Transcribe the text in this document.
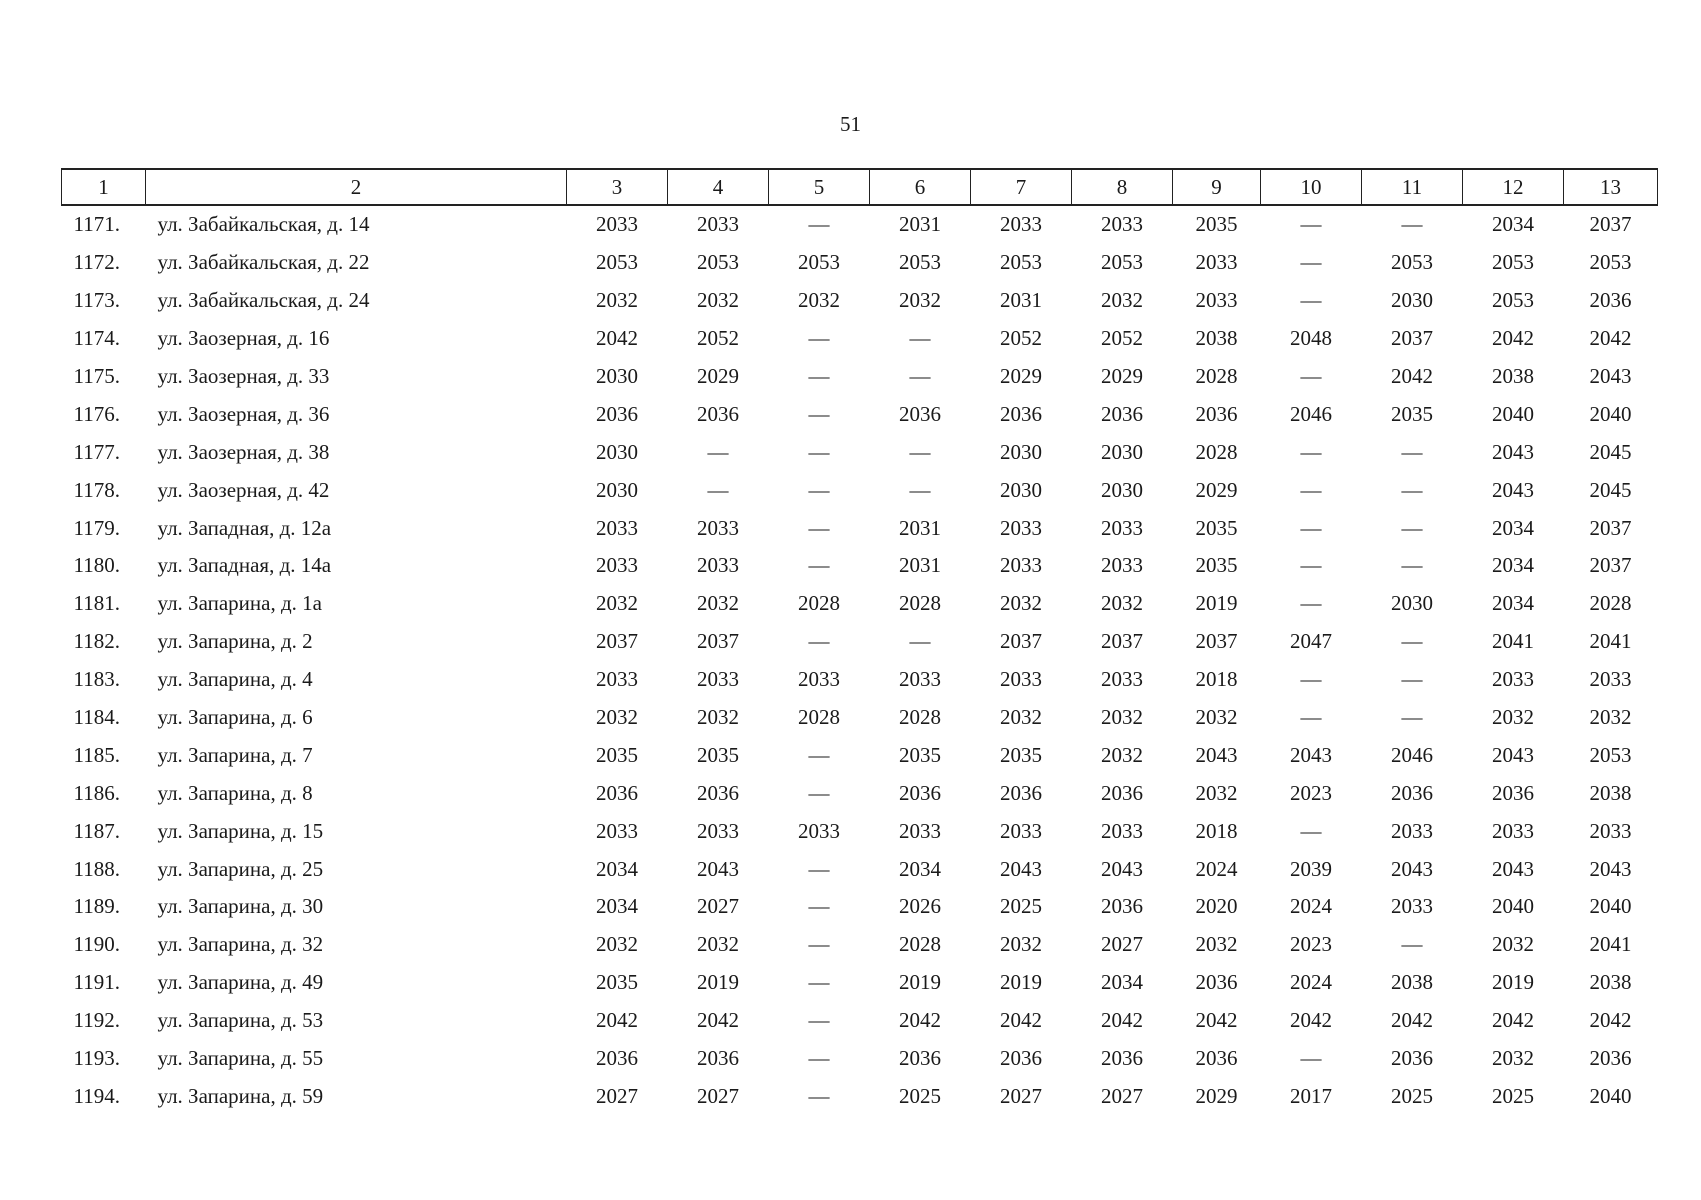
51
1	2	3	4	5	6	7	8	9	10	11	12	13
1171.	ул. Забайкальская, д. 14	2033	2033	—	2031	2033	2033	2035	—	—	2034	2037
1172.	ул. Забайкальская, д. 22	2053	2053	2053	2053	2053	2053	2033	—	2053	2053	2053
1173.	ул. Забайкальская, д. 24	2032	2032	2032	2032	2031	2032	2033	—	2030	2053	2036
1174.	ул. Заозерная, д. 16	2042	2052	—	—	2052	2052	2038	2048	2037	2042	2042
1175.	ул. Заозерная, д. 33	2030	2029	—	—	2029	2029	2028	—	2042	2038	2043
1176.	ул. Заозерная, д. 36	2036	2036	—	2036	2036	2036	2036	2046	2035	2040	2040
1177.	ул. Заозерная, д. 38	2030	—	—	—	2030	2030	2028	—	—	2043	2045
1178.	ул. Заозерная, д. 42	2030	—	—	—	2030	2030	2029	—	—	2043	2045
1179.	ул. Западная, д. 12а	2033	2033	—	2031	2033	2033	2035	—	—	2034	2037
1180.	ул. Западная, д. 14а	2033	2033	—	2031	2033	2033	2035	—	—	2034	2037
1181.	ул. Запарина, д. 1а	2032	2032	2028	2028	2032	2032	2019	—	2030	2034	2028
1182.	ул. Запарина, д. 2	2037	2037	—	—	2037	2037	2037	2047	—	2041	2041
1183.	ул. Запарина, д. 4	2033	2033	2033	2033	2033	2033	2018	—	—	2033	2033
1184.	ул. Запарина, д. 6	2032	2032	2028	2028	2032	2032	2032	—	—	2032	2032
1185.	ул. Запарина, д. 7	2035	2035	—	2035	2035	2032	2043	2043	2046	2043	2053
1186.	ул. Запарина, д. 8	2036	2036	—	2036	2036	2036	2032	2023	2036	2036	2038
1187.	ул. Запарина, д. 15	2033	2033	2033	2033	2033	2033	2018	—	2033	2033	2033
1188.	ул. Запарина, д. 25	2034	2043	—	2034	2043	2043	2024	2039	2043	2043	2043
1189.	ул. Запарина, д. 30	2034	2027	—	2026	2025	2036	2020	2024	2033	2040	2040
1190.	ул. Запарина, д. 32	2032	2032	—	2028	2032	2027	2032	2023	—	2032	2041
1191.	ул. Запарина, д. 49	2035	2019	—	2019	2019	2034	2036	2024	2038	2019	2038
1192.	ул. Запарина, д. 53	2042	2042	—	2042	2042	2042	2042	2042	2042	2042	2042
1193.	ул. Запарина, д. 55	2036	2036	—	2036	2036	2036	2036	—	2036	2032	2036
1194.	ул. Запарина, д. 59	2027	2027	—	2025	2027	2027	2029	2017	2025	2025	2040
